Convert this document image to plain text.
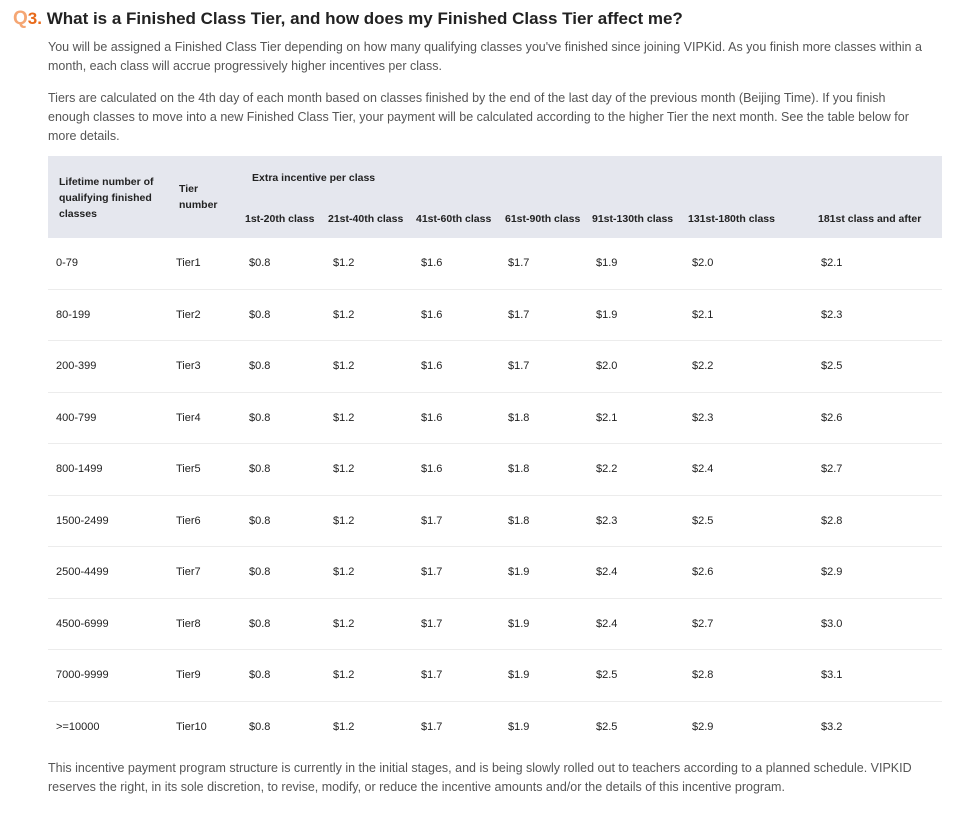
Q3. What is a Finished Class Tier, and how does my Finished Class Tier affect me?
You will be assigned a Finished Class Tier depending on how many qualifying classes you've finished since joining VIPKid. As you finish more classes within a month, each class will accrue progressively higher incentives per class.
Tiers are calculated on the 4th day of each month based on classes finished by the end of the last day of the previous month (Beijing Time). If you finish enough classes to move into a new Finished Class Tier, your payment will be calculated according to the higher Tier the next month. See the table below for more details.
Lifetime number of qualifying finished classes
Tier number
Extra incentive per class
1st-20th class 21st-40th class 41st-60th class 61st-90th class 91st-130th class 131st-180th class	181st class and after
0-79	Tier1	$0.8	$1.2	$1.6	$1.7	$1.9	$2.0	$2.1
80-199	Tier2	$0.8	$1.2	$1.6	$1.7	$1.9	$2.1	$2.3
200-399	Tier3	$0.8	$1.2	$1.6	$1.7	$2.0	$2.2	$2.5
400-799	Tier4	$0.8	$1.2	$1.6	$1.8	$2.1	$2.3	$2.6
800-1499	Tier5	$0.8	$1.2	$1.6	$1.8	$2.2	$2.4	$2.7
1500-2499	Tier6	$0.8	$1.2	$1.7	$1.8	$2.3	$2.5	$2.8
2500-4499	Tier7	$0.8	$1.2	$1.7	$1.9	$2.4	$2.6	$2.9
4500-6999	Tier8	$0.8	$1.2	$1.7	$1.9	$2.4	$2.7	$3.0
7000-9999	Tier9	$0.8	$1.2	$1.7	$1.9	$2.5	$2.8	$3.1
>=10000	Tier10	$0.8	$1.2	$1.7	$1.9	$2.5	$2.9	$3.2
This incentive payment program structure is currently in the initial stages, and is being slowly rolled out to teachers according to a planned schedule. VIPKID reserves the right, in its sole discretion, to revise, modify, or reduce the incentive amounts and/or the details of this incentive program.
